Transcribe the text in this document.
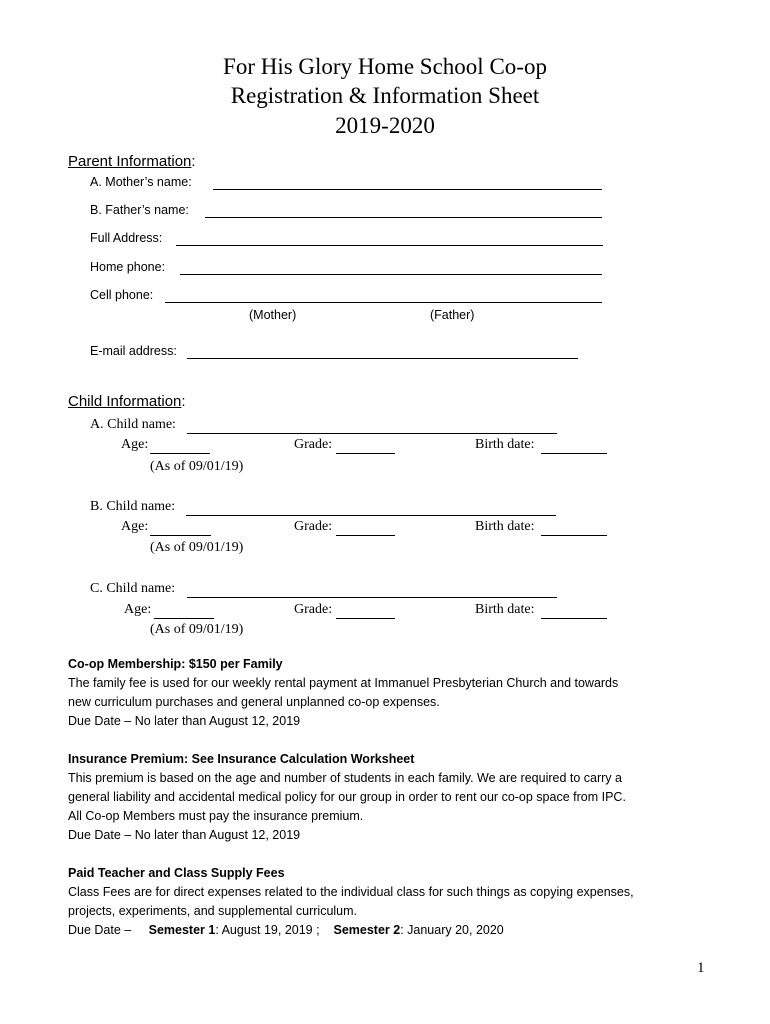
For His Glory Home School Co-op
Registration & Information Sheet
2019-2020
Parent Information:
A. Mother’s name:
B. Father’s name:
Full Address:
Home phone:
Cell phone:
(Mother)	(Father)
E-mail address:
Child Information:
A. Child name:
Age:	Grade:	Birth date:
(As of 09/01/19)
B. Child name:
Age:	Grade:	Birth date:
(As of 09/01/19)
C. Child name:
Age:	Grade:	Birth date:
(As of 09/01/19)
Co-op Membership: $150 per Family
The family fee is used for our weekly rental payment at Immanuel Presbyterian Church and towards
new curriculum purchases and general unplanned co-op expenses.
Due Date – No later than August 12, 2019
Insurance Premium: See Insurance Calculation Worksheet
This premium is based on the age and number of students in each family. We are required to carry a
general liability and accidental medical policy for our group in order to rent our co-op space from IPC.
All Co-op Members must pay the insurance premium.
Due Date – No later than August 12, 2019
Paid Teacher and Class Supply Fees
Class Fees are for direct expenses related to the individual class for such things as copying expenses,
projects, experiments, and supplemental curriculum.
Due Date – Semester 1: August 19, 2019 ; Semester 2: January 20, 2020
1
